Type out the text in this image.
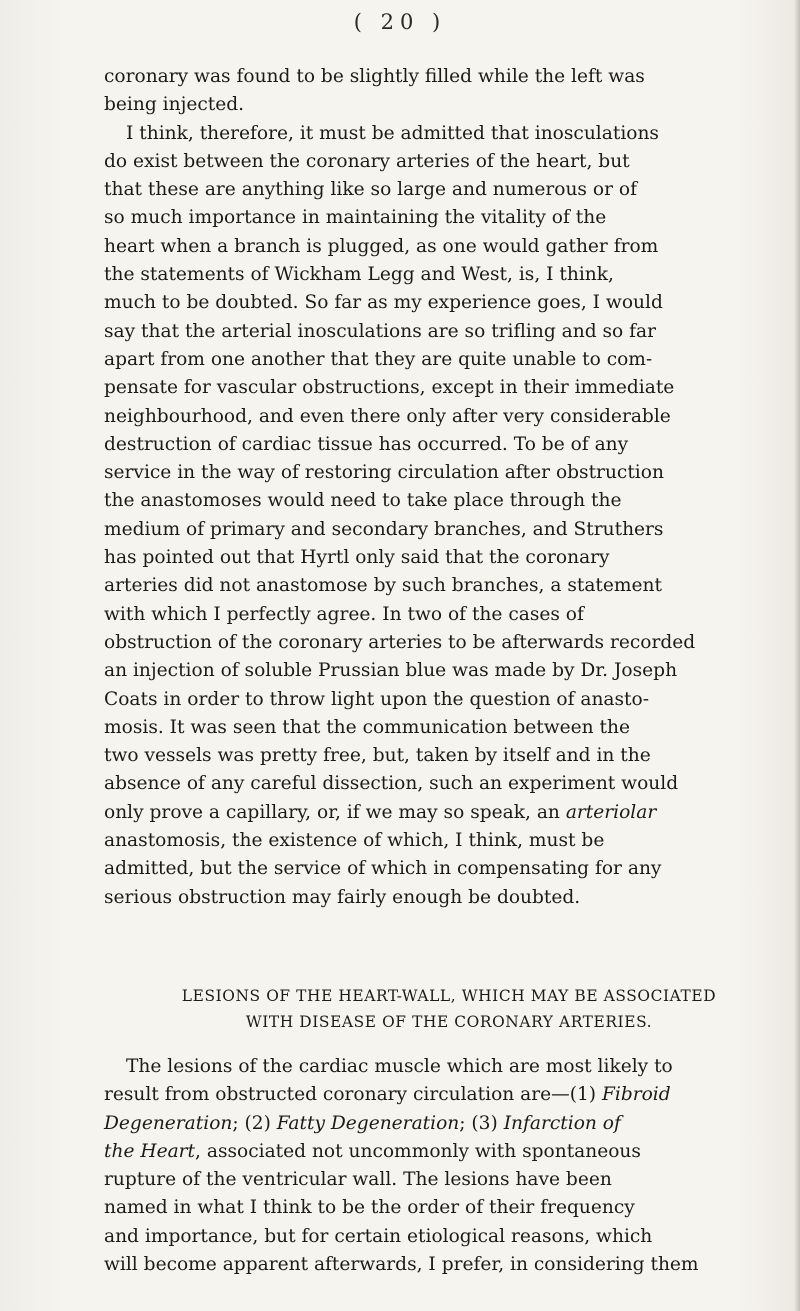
( 20 )
coronary was found to be slightly filled while the left was
being injected.
I think, therefore, it must be admitted that inosculations
do exist between the coronary arteries of the heart, but
that these are anything like so large and numerous or of
so much importance in maintaining the vitality of the
heart when a branch is plugged, as one would gather from
the statements of Wickham Legg and West, is, I think,
much to be doubted. So far as my experience goes, I would
say that the arterial inosculations are so trifling and so far
apart from one another that they are quite unable to com-
pensate for vascular obstructions, except in their immediate
neighbourhood, and even there only after very considerable
destruction of cardiac tissue has occurred. To be of any
service in the way of restoring circulation after obstruction
the anastomoses would need to take place through the
medium of primary and secondary branches, and Struthers
has pointed out that Hyrtl only said that the coronary
arteries did not anastomose by such branches, a statement
with which I perfectly agree. In two of the cases of
obstruction of the coronary arteries to be afterwards recorded
an injection of soluble Prussian blue was made by Dr. Joseph
Coats in order to throw light upon the question of anasto-
mosis. It was seen that the communication between the
two vessels was pretty free, but, taken by itself and in the
absence of any careful dissection, such an experiment would
only prove a capillary, or, if we may so speak, an arteriolar
anastomosis, the existence of which, I think, must be
admitted, but the service of which in compensating for any
serious obstruction may fairly enough be doubted.
LESIONS OF THE HEART-WALL, WHICH MAY BE ASSOCIATED
WITH DISEASE OF THE CORONARY ARTERIES.
The lesions of the cardiac muscle which are most likely to
result from obstructed coronary circulation are—(1) Fibroid
Degeneration; (2) Fatty Degeneration; (3) Infarction of
the Heart, associated not uncommonly with spontaneous
rupture of the ventricular wall. The lesions have been
named in what I think to be the order of their frequency
and importance, but for certain etiological reasons, which
will become apparent afterwards, I prefer, in considering them
